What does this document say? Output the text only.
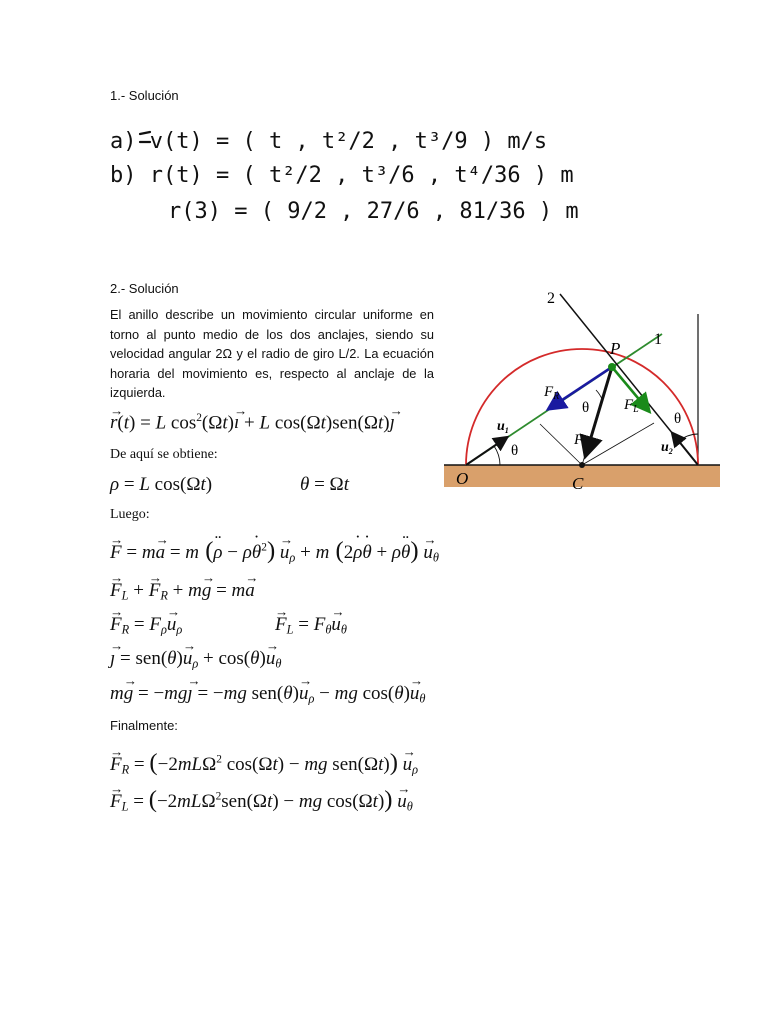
1.- Solución
a) v(t) = ( t , t²/2 , t³/9 ) m/s
b) r(t) = ( t²/2 , t³/6 , t⁴/36 ) m
r(3) = ( 9/2 , 27/6 , 81/36 ) m
2.- Solución
El anillo describe un movimiento circular uniforme en torno al punto medio de los dos anclajes, siendo su velocidad angular 2Ω y el radio de giro L/2. La ecuación horaria del movimiento es, respecto al anclaje de la izquierda.
→ r(t) = L $\cos^2(\Omega t)\to$ ı + L cos(Ωt)sen(Ωt)→ ȷ
De aquí se obtiene:
ρ = L cos(Ωt)	θ = Ωt
Luego:
→ F = m→ a = m (¨ ρ − ρ˙ $\theta^2) \to u_\rho + m$ (2˙ ρ˙ θ + ρ¨ $\theta) \to u_\theta$
→ $F_L$ + → $F_R + m\to g = m\to a$
→ $F_R = F_\rho\to u_\rho$	→ $F_L = F_\theta\to u_\theta$
→ ȷ = $sen(\theta)\to u_\rho + \cos(\theta)\to u_\theta$
m→ g = −mg→ ȷ = −mg $sen(\theta)\to u_\rho$ − mg $\cos(\theta)\to u_\theta$
Finalmente:
→ $F_R = (-2mL\Omega^2$ cos(Ωt) − mg $sen(\Omega t)) \to u_\rho$
→ $F_L = (-2mL\Omega^2sen(\Omega t)$ − mg $\cos(\Omega t)) \to u_\theta$
2
1
P
O	C
$F_R$
$F_L$
F
$u_1$
$u_2$
θ
θ
θ
